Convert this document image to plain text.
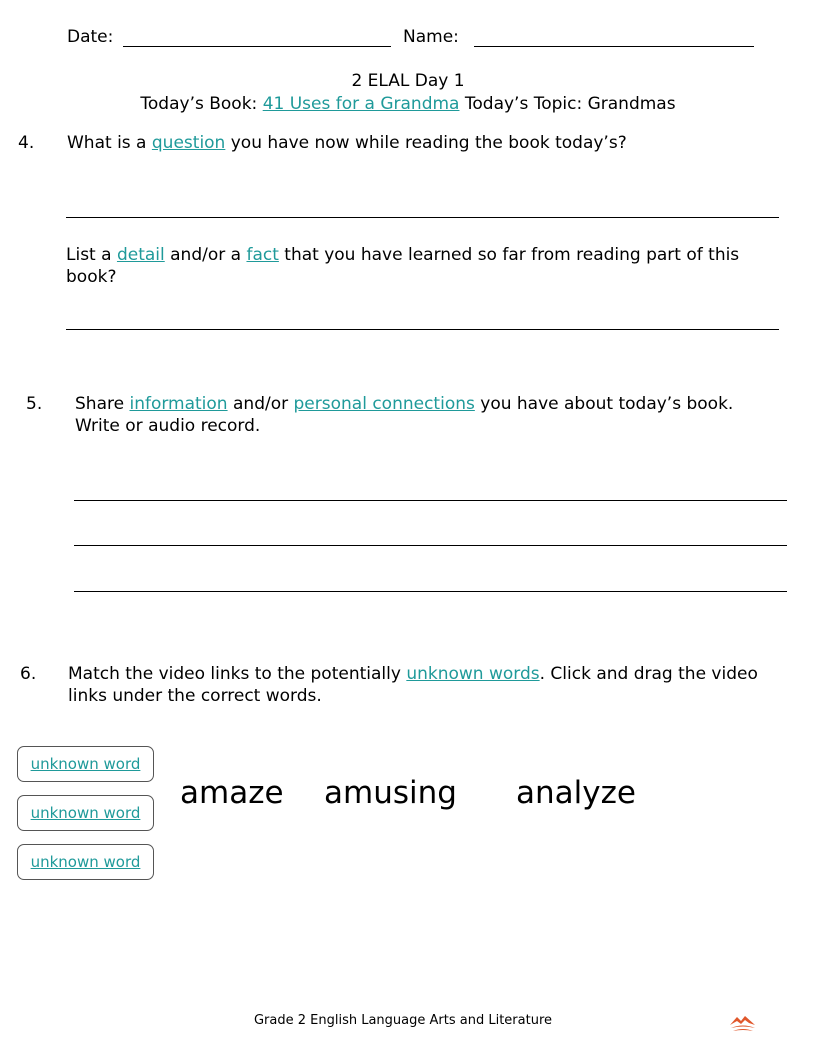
Date:	Name:
2 ELAL Day 1
Today’s Book: 41 Uses for a Grandma Today’s Topic: Grandmas
4. What is a question you have now while reading the book today’s?
List a detail and/or a fact that you have learned so far from reading part of this
book?
5. Share information and/or personal connections you have about today’s book.
Write or audio record.
6. Match the video links to the potentially unknown words. Click and drag the video
links under the correct words.
unknown word
unknown word
unknown word
amaze amusing analyze
Grade 2 English Language Arts and Literature
